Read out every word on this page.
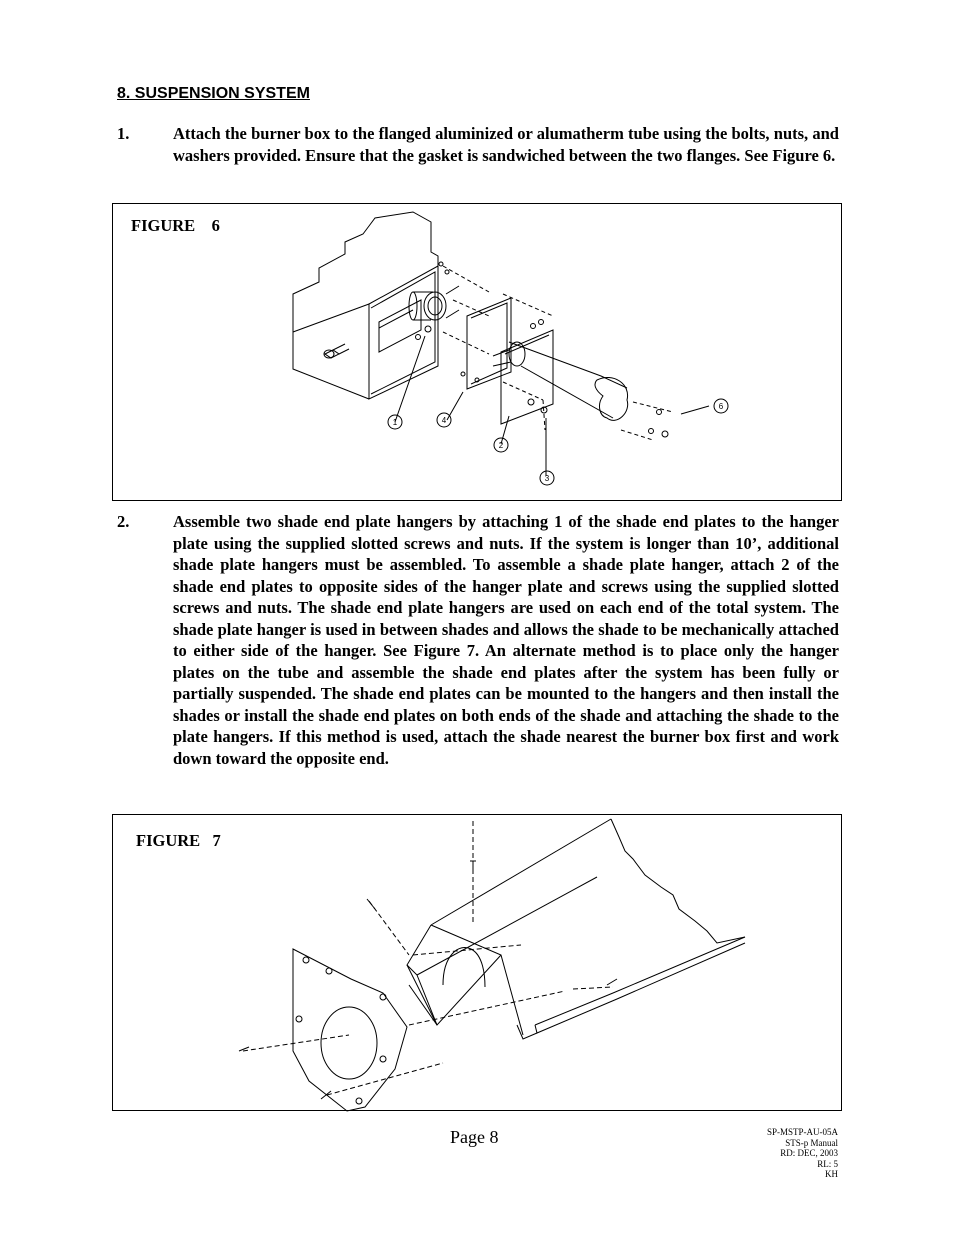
8. SUSPENSION SYSTEM
1.	Attach the burner box to the flanged aluminized or alumatherm tube using the bolts, nuts, and washers provided. Ensure that the gasket is sandwiched between the two flanges. See Figure 6.
FIGURE 6
1	4
2
3
6
2.	Assemble two shade end plate hangers by attaching 1 of the shade end plates to the hanger plate using the supplied slotted screws and nuts. If the system is longer than 10’, additional shade plate hangers must be assembled. To assemble a shade plate hanger, attach 2 of the shade end plates to opposite sides of the hanger plate and screws using the supplied slotted screws and nuts. The shade end plate hangers are used on each end of the total system. The shade plate hanger is used in between shades and allows the shade to be mechanically attached to either side of the hanger. See Figure 7. An alternate method is to place only the hanger plates on the tube and assemble the shade end plates after the system has been fully or partially suspended. The shade end plates can be mounted to the hangers and then install the shades or install the shade end plates on both ends of the shade and attaching the shade to the plate hangers. If this method is used, attach the shade nearest the burner box first and work down toward the opposite end.
FIGURE 7
Page 8	SP-MSTP-AU-05A
STS-p Manual
RD: DEC, 2003
RL: 5
KH
